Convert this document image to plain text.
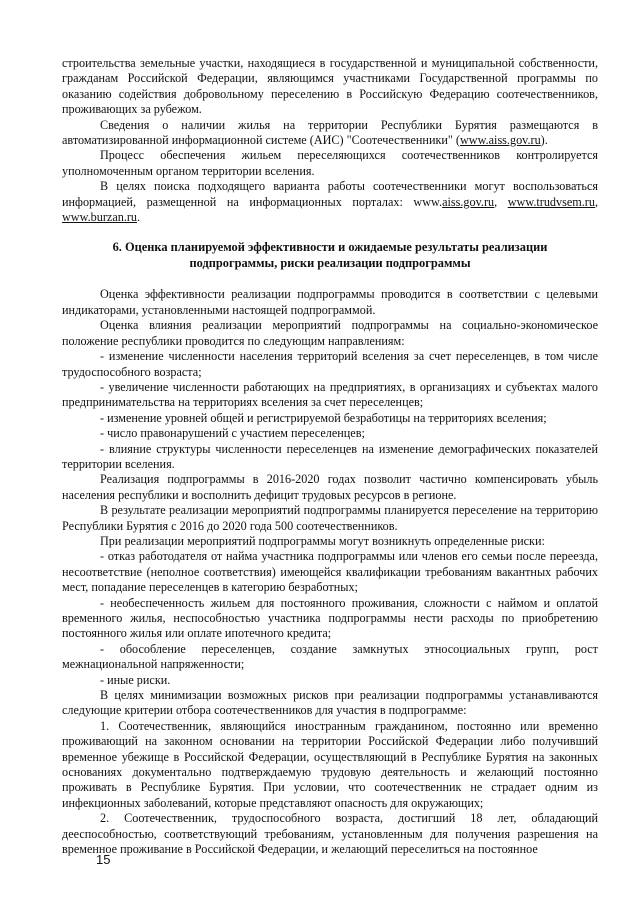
строительства земельные участки, находящиеся в государственной и муниципальной собственности, гражданам Российской Федерации, являющимся участниками Государственной программы по оказанию содействия добровольному переселению в Российскую Федерацию соотечественников, проживающих за рубежом.

Сведения о наличии жилья на территории Республики Бурятия размещаются в автоматизированной информационной системе (АИС) "Соотечественники" (www.aiss.gov.ru).

Процесс обеспечения жильем переселяющихся соотечественников контролируется уполномоченным органом территории вселения.

В целях поиска подходящего варианта работы соотечественники могут воспользоваться информацией, размещенной на информационных порталах: www.aiss.gov.ru, www.trudvsem.ru, www.burzan.ru.

6. Оценка планируемой эффективности и ожидаемые результаты реализации
подпрограммы, риски реализации подпрограммы

Оценка эффективности реализации подпрограммы проводится в соответствии с целевыми индикаторами, установленными настоящей подпрограммой.

Оценка влияния реализации мероприятий подпрограммы на социально-экономическое положение республики проводится по следующим направлениям:

- изменение численности населения территорий вселения за счет переселенцев, в том числе трудоспособного возраста;

- увеличение численности работающих на предприятиях, в организациях и субъектах малого предпринимательства на территориях вселения за счет переселенцев;

- изменение уровней общей и регистрируемой безработицы на территориях вселения;

- число правонарушений с участием переселенцев;

- влияние структуры численности переселенцев на изменение демографических показателей территории вселения.

Реализация подпрограммы в 2016-2020 годах позволит частично компенсировать убыль населения республики и восполнить дефицит трудовых ресурсов в регионе.

В результате реализации мероприятий подпрограммы планируется переселение на территорию Республики Бурятия с 2016 до 2020 года 500 соотечественников.

При реализации мероприятий подпрограммы могут возникнуть определенные риски:

- отказ работодателя от найма участника подпрограммы или членов его семьи после переезда, несоответствие (неполное соответствия) имеющейся квалификации требованиям вакантных рабочих мест, попадание переселенцев в категорию безработных;

- необеспеченность жильем для постоянного проживания, сложности с наймом и оплатой временного жилья, неспособностью участника подпрограммы нести расходы по приобретению постоянного жилья или оплате ипотечного кредита;

- обособление переселенцев, создание замкнутых этносоциальных групп, рост межнациональной напряженности;

- иные риски.

В целях минимизации возможных рисков при реализации подпрограммы устанавливаются следующие критерии отбора соотечественников для участия в подпрограмме:

1. Соотечественник, являющийся иностранным гражданином, постоянно или временно проживающий на законном основании на территории Российской Федерации либо получивший временное убежище в Российской Федерации, осуществляющий в Республике Бурятия на законных основаниях документально подтверждаемую трудовую деятельность и желающий постоянно проживать в Республике Бурятия. При условии, что соотечественник не страдает одним из инфекционных заболеваний, которые представляют опасность для окружающих;

2. Соотечественник, трудоспособного возраста, достигший 18 лет, обладающий дееспособностью, соответствующий требованиям, установленным для получения разрешения на временное проживание в Российской Федерации, и желающий переселиться на постоянное

15
